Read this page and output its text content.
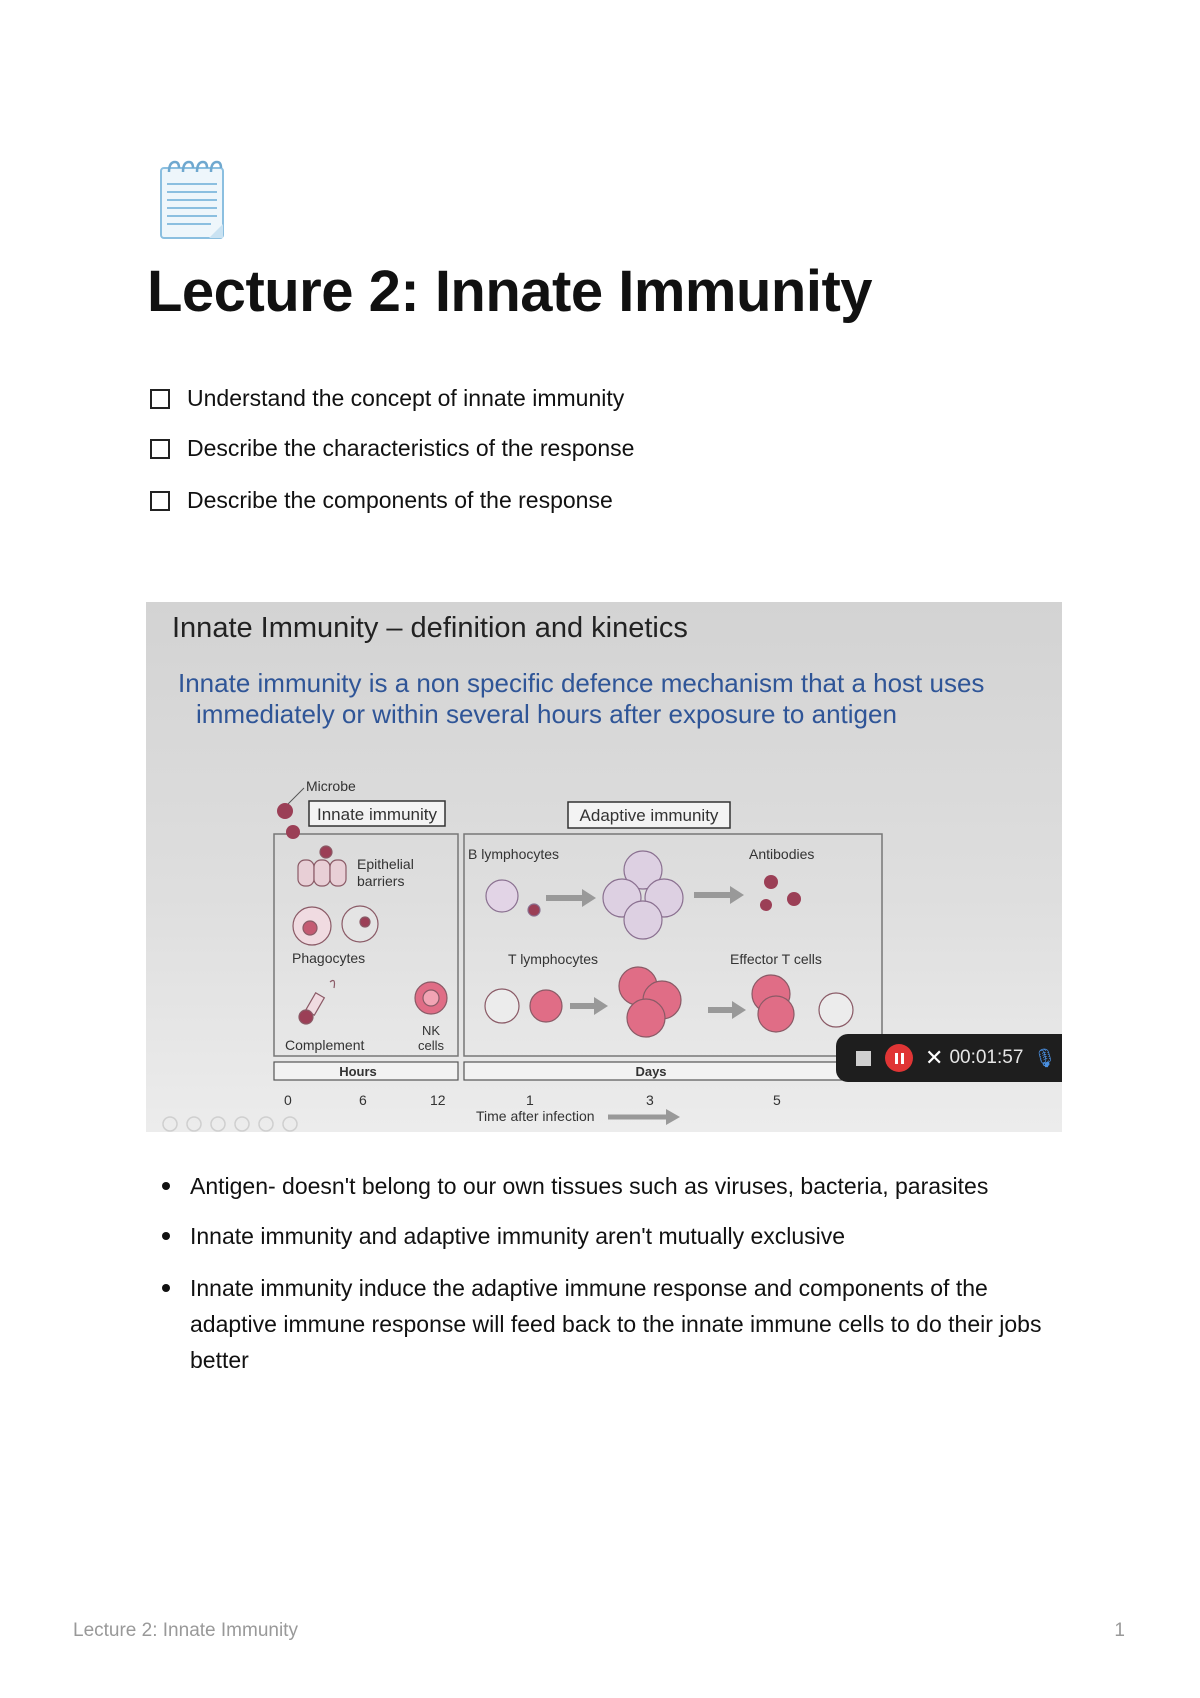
Lecture 2: Innate Immunity
Understand the concept of innate immunity
Describe the characteristics of the response
Describe the components of the response
Innate Immunity – definition and kinetics
Innate immunity is a non specific defence mechanism that a host uses immediately or within several hours after exposure to antigen
Innate immunity	Adaptive immunity
Microbe
Epithelial
barriers
Phagocytes
Complement
NK
cells
B lymphocytes	Antibodies
T lymphocytes	Effector T cells
Hours	Days
0	6	12	1	3	5
Time after infection
✕ 00:01:57 🎙
Antigen- doesn't belong to our own tissues such as viruses, bacteria, parasites
Innate immunity and adaptive immunity aren't mutually exclusive
Innate immunity induce the adaptive immune response and components of the adaptive immune response will feed back to the innate immune cells to do their jobs better
Lecture 2: Innate Immunity	1
